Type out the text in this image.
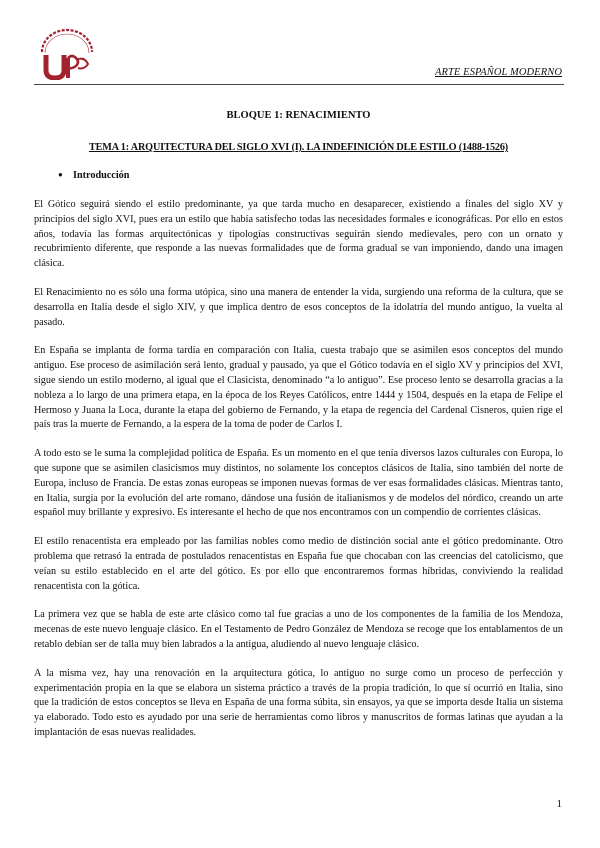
ARTE ESPAÑOL MODERNO

BLOQUE 1: RENACIMIENTO

TEMA 1: ARQUITECTURA DEL SIGLO XVI (I). LA INDEFINICIÓN DLE ESTILO (1488-1526)

● Introducción

El Gótico seguirá siendo el estilo predominante, ya que tarda mucho en desaparecer, existiendo a finales del siglo XV y principios del siglo XVI, pues era un estilo que había satisfecho todas las necesidades formales e iconográficas. Por ello en estos años, todavía las formas arquitectónicas y tipologías constructivas seguirán siendo medievales, pero con un ornato y recubrimiento diferente, que responde a las nuevas formalidades que de forma gradual se van imponiendo, dando una imagen clásica.

El Renacimiento no es sólo una forma utópica, sino una manera de entender la vida, surgiendo una reforma de la cultura, que se desarrolla en Italia desde el siglo XIV, y que implica dentro de esos conceptos de la idolatría del mundo antiguo, la vuelta al pasado.

En España se implanta de forma tardía en comparación con Italia, cuesta trabajo que se asimilen esos conceptos del mundo antiguo. Ese proceso de asimilación será lento, gradual y pausado, ya que el Gótico todavía en el siglo XV y principios del XVI, sigue siendo un estilo moderno, al igual que el Clasicista, denominado “a lo antiguo”. Ese proceso lento se desarrolla gracias a la nobleza a lo largo de una primera etapa, en la época de los Reyes Católicos, entre 1444 y 1504, después en la etapa de Felipe el Hermoso y Juana la Loca, durante la etapa del gobierno de Fernando, y la etapa de regencia del Cardenal Cisneros, quien rige el país tras la muerte de Fernando, a la espera de la toma de poder de Carlos I.

A todo esto se le suma la complejidad política de España. Es un momento en el que tenía diversos lazos culturales con Europa, lo que supone que se asimilen clasicismos muy distintos, no solamente los conceptos clásicos de Italia, sino también del norte de Europa, incluso de Francia. De estas zonas europeas se imponen nuevas formas de ver esas formalidades clásicas. Mientras tanto, en Italia, surgía por la evolución del arte romano, dándose una fusión de italianismos y de modelos del nórdico, creando un arte español muy brillante y expresivo. Es interesante el hecho de que nos encontramos con un compendio de corrientes clásicas.

El estilo renacentista era empleado por las familias nobles como medio de distinción social ante el gótico predominante. Otro problema que retrasó la entrada de postulados renacentistas en España fue que chocaban con las creencias del catolicismo, que veían su estilo establecido en el arte del gótico. Es por ello que encontraremos formas híbridas, conviviendo la realidad renacentista con la gótica.

La primera vez que se habla de este arte clásico como tal fue gracias a uno de los componentes de la familia de los Mendoza, mecenas de este nuevo lenguaje clásico. En el Testamento de Pedro González de Mendoza se recoge que los entablamentos de un retablo debían ser de talla muy bien labrados a la antigua, aludiendo al nuevo lenguaje clásico.

A la misma vez, hay una renovación en la arquitectura gótica, lo antiguo no surge como un proceso de perfección y experimentación propia en la que se elabora un sistema práctico a través de la propia tradición, lo que sí ocurrió en Italia, sino que la tradición de estos conceptos se lleva en España de una forma súbita, sin ensayos, ya que se importa desde Italia un sistema ya elaborado. Todo esto es ayudado por una serie de herramientas como libros y manuscritos de formas latinas que ayudan a la implantación de esas nuevas realidades.

1
